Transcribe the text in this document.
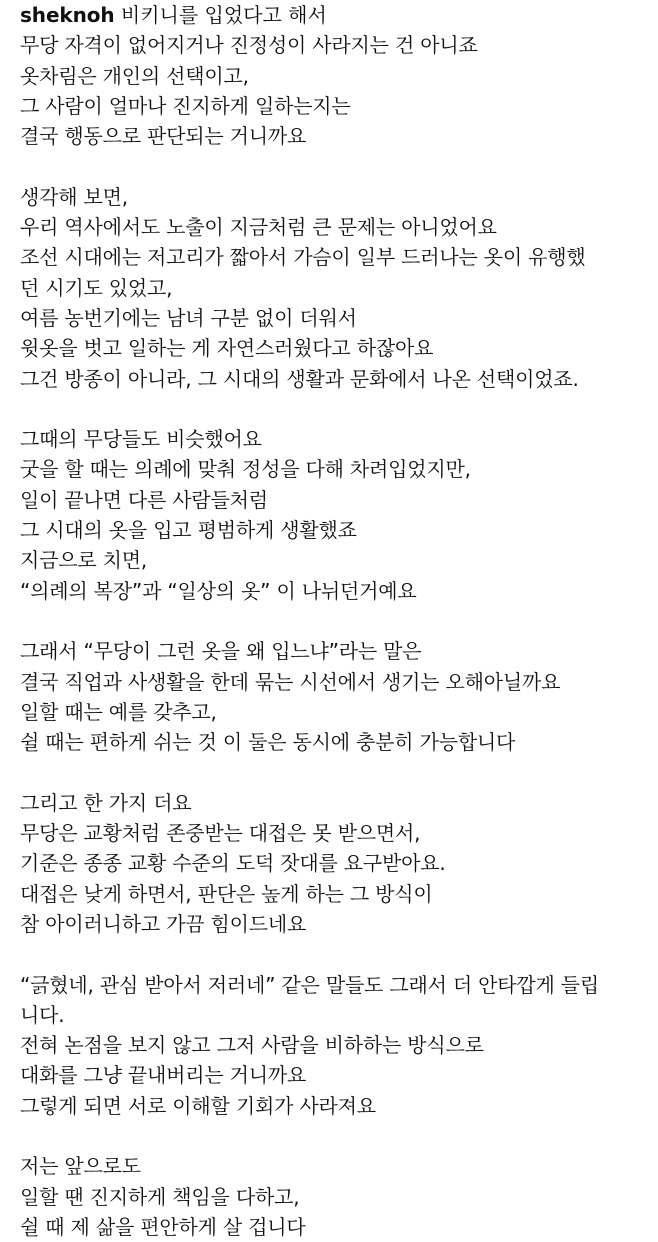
sheknoh 비키니를 입었다고 해서
무당 자격이 없어지거나 진정성이 사라지는 건 아니죠
옷차림은 개인의 선택이고,
그 사람이 얼마나 진지하게 일하는지는
결국 행동으로 판단되는 거니까요
생각해 보면,
우리 역사에서도 노출이 지금처럼 큰 문제는 아니었어요
조선 시대에는 저고리가 짧아서 가슴이 일부 드러나는 옷이 유행했
던 시기도 있었고,
여름 농번기에는 남녀 구분 없이 더워서
윗옷을 벗고 일하는 게 자연스러웠다고 하잖아요
그건 방종이 아니라, 그 시대의 생활과 문화에서 나온 선택이었죠.
그때의 무당들도 비슷했어요
굿을 할 때는 의례에 맞춰 정성을 다해 차려입었지만,
일이 끝나면 다른 사람들처럼
그 시대의 옷을 입고 평범하게 생활했죠
지금으로 치면,
“의례의 복장”과 “일상의 옷” 이 나뉘던거예요
그래서 “무당이 그런 옷을 왜 입느냐”라는 말은
결국 직업과 사생활을 한데 묶는 시선에서 생기는 오해아닐까요
일할 때는 예를 갖추고,
쉴 때는 편하게 쉬는 것 이 둘은 동시에 충분히 가능합니다
그리고 한 가지 더요
무당은 교황처럼 존중받는 대접은 못 받으면서,
기준은 종종 교황 수준의 도덕 잣대를 요구받아요.
대접은 낮게 하면서, 판단은 높게 하는 그 방식이
참 아이러니하고 가끔 힘이드네요
“긁혔네, 관심 받아서 저러네” 같은 말들도 그래서 더 안타깝게 들립
니다.
전혀 논점을 보지 않고 그저 사람을 비하하는 방식으로
대화를 그냥 끝내버리는 거니까요
그렇게 되면 서로 이해할 기회가 사라져요
저는 앞으로도
일할 땐 진지하게 책임을 다하고,
쉴 때 제 삶을 편안하게 살 겁니다
